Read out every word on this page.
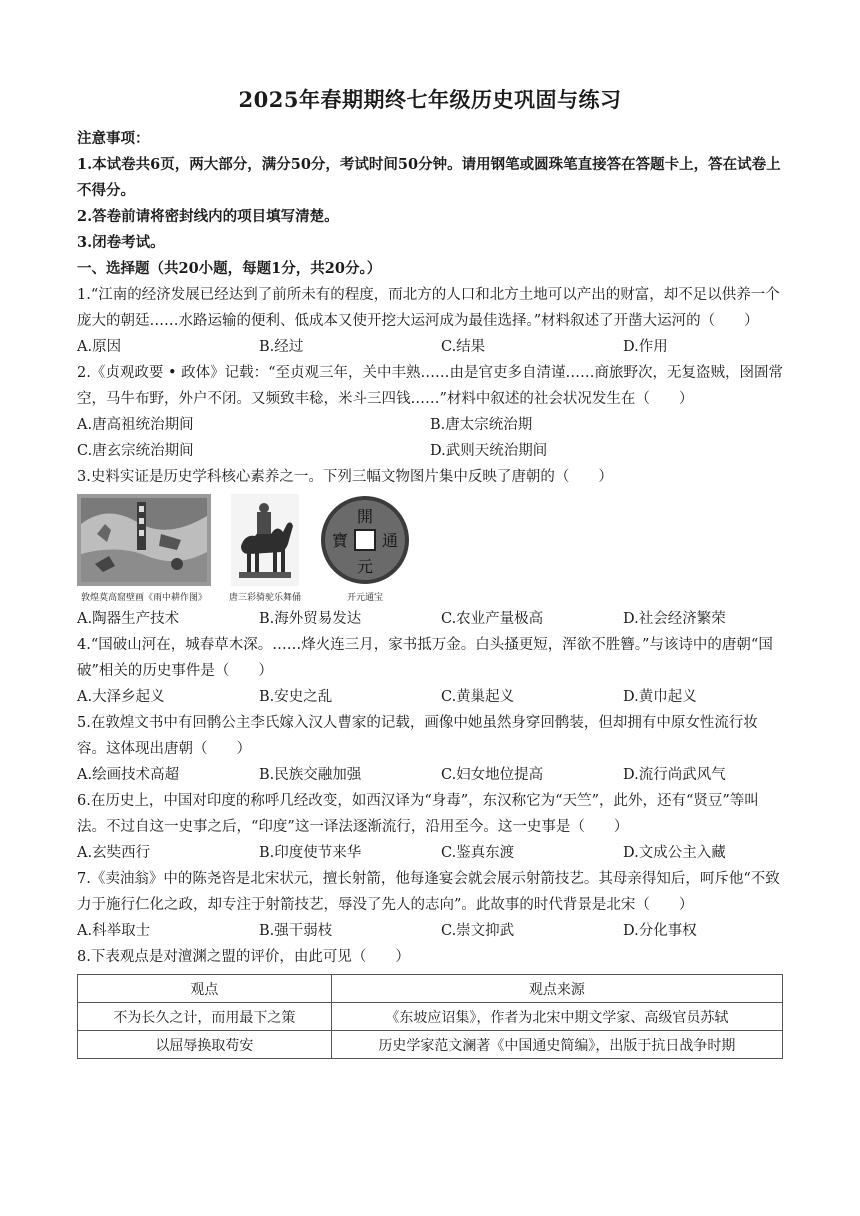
2025年春期期终七年级历史巩固与练习

注意事项：

1.本试卷共6页，两大部分，满分50分，考试时间50分钟。请用钢笔或圆珠笔直接答在答题卡上，答在试卷上不得分。

2.答卷前请将密封线内的项目填写清楚。

3.闭卷考试。

一、选择题（共20小题，每题1分，共20分。）

1.“江南的经济发展已经达到了前所未有的程度，而北方的人口和北方土地可以产出的财富，却不足以供养一个庞大的朝廷……水路运输的便利、低成本又使开挖大运河成为最佳选择。”材料叙述了开凿大运河的（　　）

A.原因	B.经过	C.结果	D.作用

2.《贞观政要 • 政体》记载：“至贞观三年，关中丰熟……由是官吏多自清谨……商旅野次，无复盗贼，囹圄常空，马牛布野，外户不闭。又频致丰稔，米斗三四钱……”材料中叙述的社会状况发生在（　　）

A.唐高祖统治期间	B.唐太宗统治期
C.唐玄宗统治期间	D.武则天统治期间

3.史料实证是历史学科核心素养之一。下列三幅文物图片集中反映了唐朝的（　　）

敦煌莫高窟壁画《雨中耕作图》 唐三彩骑驼乐舞俑
開
元
通
寶
开元通宝
A.陶器生产技术	B.海外贸易发达	C.农业产量极高	D.社会经济繁荣

4.“国破山河在，城春草木深。……烽火连三月，家书抵万金。白头搔更短，浑欲不胜簪。”与该诗中的唐朝“国破”相关的历史事件是（　　）

A.大泽乡起义	B.安史之乱	C.黄巢起义	D.黄巾起义

5.在敦煌文书中有回鹘公主李氏嫁入汉人曹家的记载，画像中她虽然身穿回鹘装，但却拥有中原女性流行妆容。这体现出唐朝（　　）

A.绘画技术高超	B.民族交融加强	C.妇女地位提高	D.流行尚武风气

6.在历史上，中国对印度的称呼几经改变，如西汉译为“身毒”，东汉称它为“天竺”，此外，还有“贤豆”等叫法。不过自这一史事之后，“印度”这一译法逐渐流行，沿用至今。这一史事是（　　）

A.玄奘西行	B.印度使节来华	C.鉴真东渡	D.文成公主入藏

7.《卖油翁》中的陈尧咨是北宋状元，擅长射箭，他每逢宴会就会展示射箭技艺。其母亲得知后，呵斥他“不致力于施行仁化之政，却专注于射箭技艺，辱没了先人的志向”。此故事的时代背景是北宋（　　）

A.科举取士	B.强干弱枝	C.崇文抑武	D.分化事权

8.下表观点是对澶渊之盟的评价，由此可见（　　）

观点	观点来源
不为长久之计，而用最下之策	《东坡应诏集》，作者为北宋中期文学家、高级官员苏轼
以屈辱换取苟安	历史学家范文澜著《中国通史简编》，出版于抗日战争时期
